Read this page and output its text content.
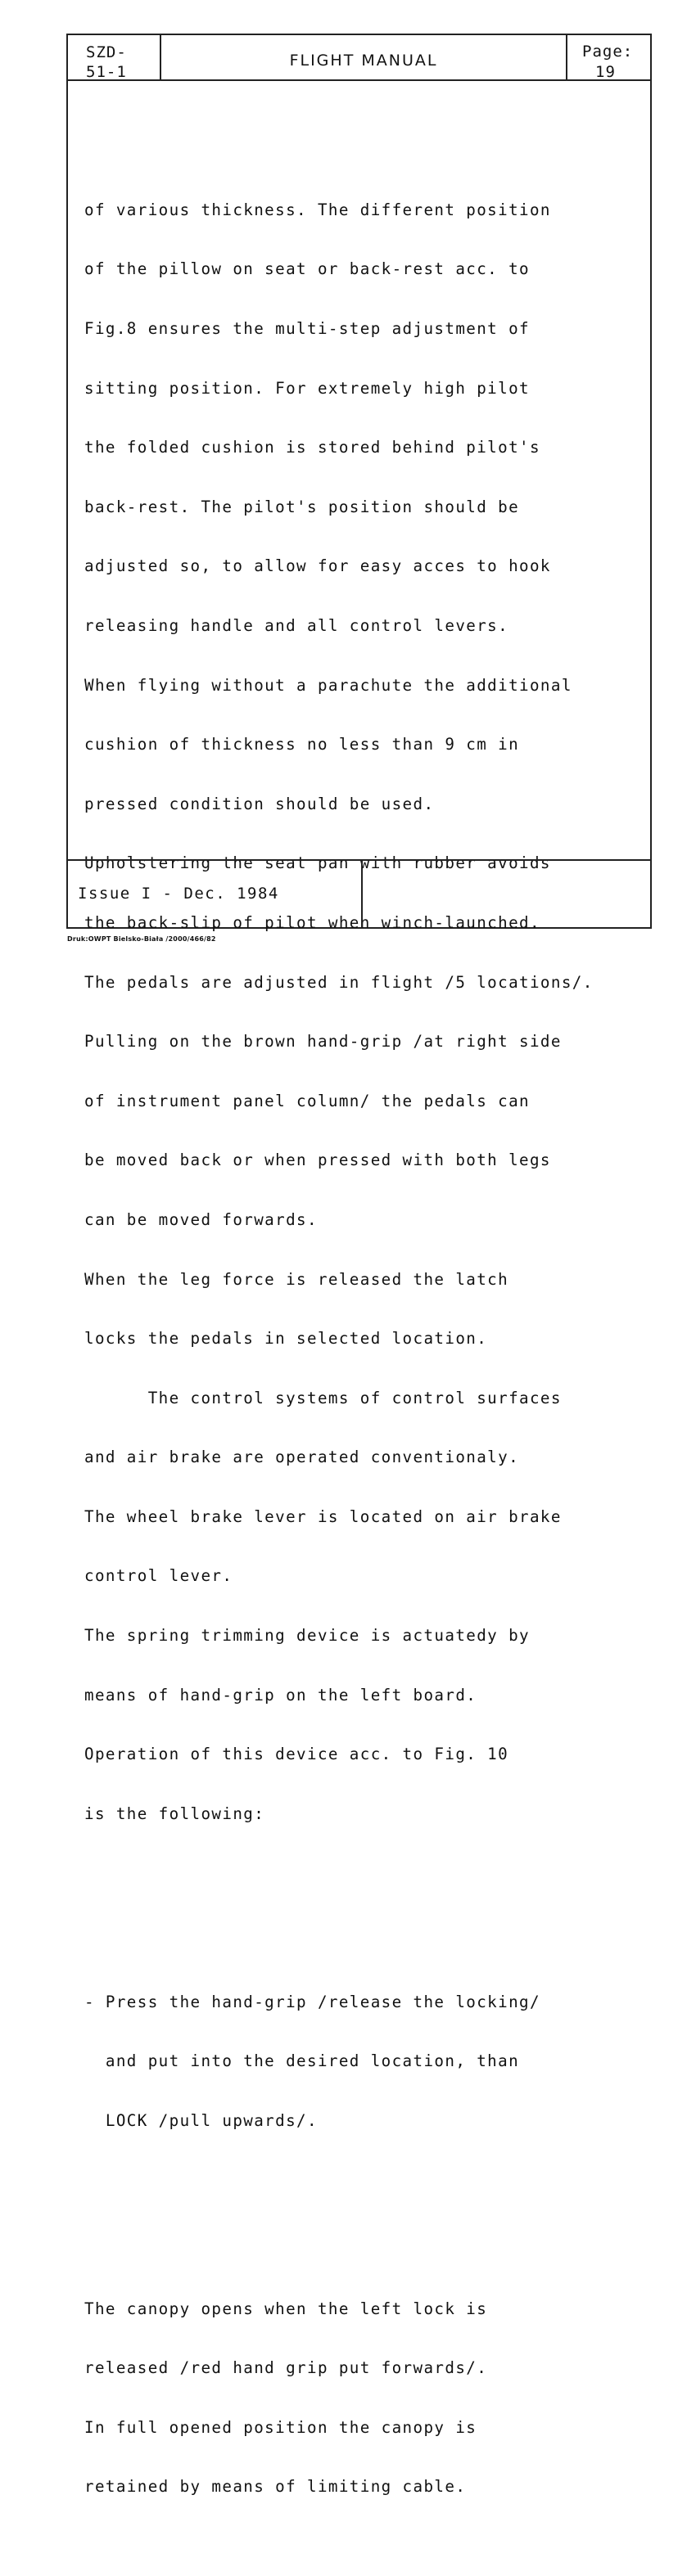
SZD-
51-1
FLIGHT MANUAL	Page:
19

of various thickness. The different position

of the pillow on seat or back-rest acc. to

Fig.8 ensures the multi-step adjustment of

sitting position. For extremely high pilot

the folded cushion is stored behind pilot's

back-rest. The pilot's position should be

adjusted so, to allow for easy acces to hook

releasing handle and all control levers.

When flying without a parachute the additional

cushion of thickness no less than 9 cm in

pressed condition should be used.

Upholstering the seat pan with rubber avoids

the back-slip of pilot when winch-launched.

The pedals are adjusted in flight /5 locations/.

Pulling on the brown hand-grip /at right side

of instrument panel column/ the pedals can

be moved back or when pressed with both legs

can be moved forwards.

When the leg force is released the latch

locks the pedals in selected location.

The control systems of control surfaces

and air brake are operated conventionaly.

The wheel brake lever is located on air brake

control lever.

The spring trimming device is actuatedy by

means of hand-grip on the left board.

Operation of this device acc. to Fig. 10

is the following:

- Press the hand-grip /release the locking/

and put into the desired location, than

LOCK /pull upwards/.

The canopy opens when the left lock is

released /red hand grip put forwards/.

In full opened position the canopy is

retained by means of limiting cable.

Issue I - Dec. 1984
Druk:OWPT Bielsko-Biała /2000/466/82
